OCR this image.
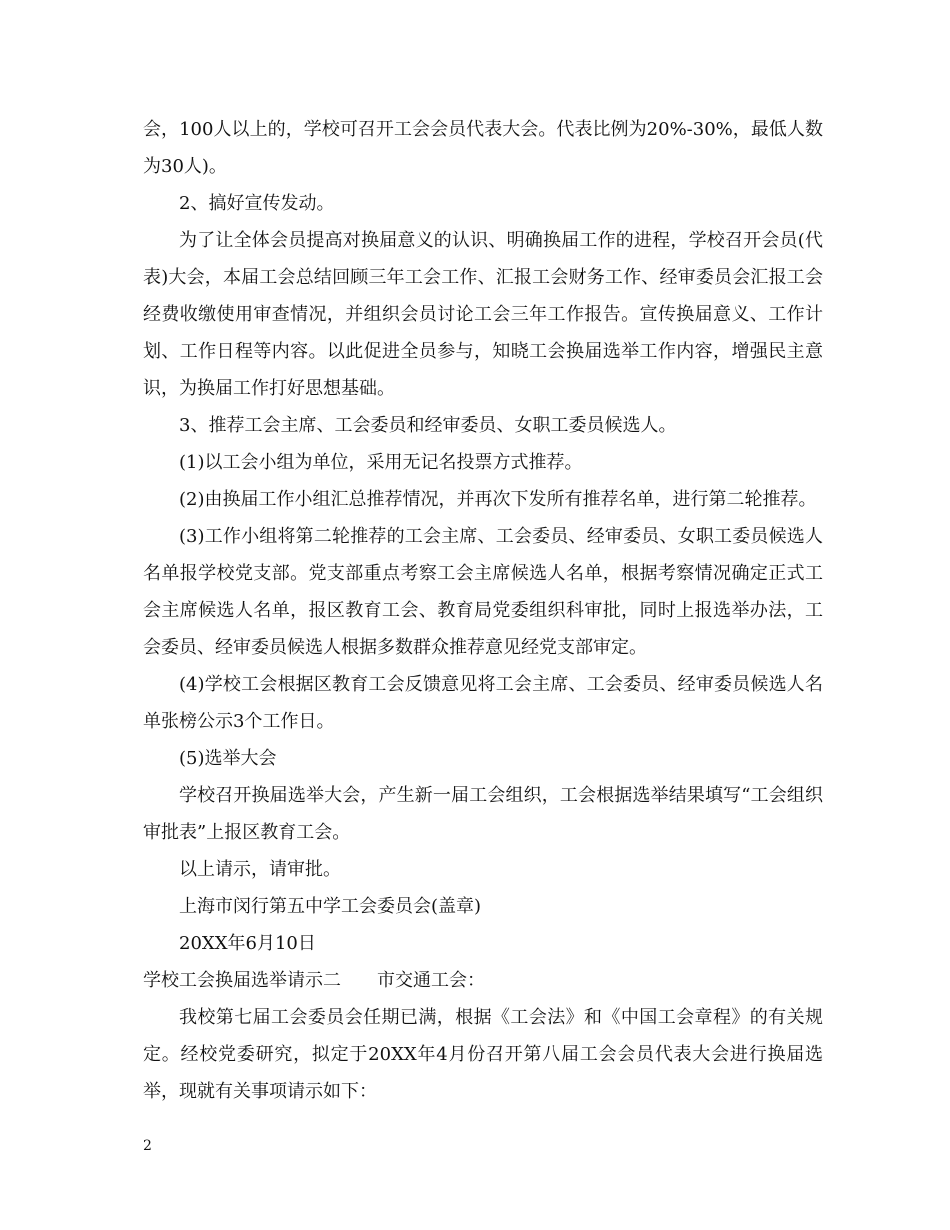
会，100人以上的，学校可召开工会会员代表大会。代表比例为20%-30%，最低人数为30人)。

2、搞好宣传发动。

为了让全体会员提高对换届意义的认识、明确换届工作的进程，学校召开会员(代表)大会，本届工会总结回顾三年工会工作、汇报工会财务工作、经审委员会汇报工会经费收缴使用审查情况，并组织会员讨论工会三年工作报告。宣传换届意义、工作计划、工作日程等内容。以此促进全员参与，知晓工会换届选举工作内容，增强民主意识，为换届工作打好思想基础。

3、推荐工会主席、工会委员和经审委员、女职工委员候选人。

(1)以工会小组为单位，采用无记名投票方式推荐。

(2)由换届工作小组汇总推荐情况，并再次下发所有推荐名单，进行第二轮推荐。

(3)工作小组将第二轮推荐的工会主席、工会委员、经审委员、女职工委员候选人名单报学校党支部。党支部重点考察工会主席候选人名单，根据考察情况确定正式工会主席候选人名单，报区教育工会、教育局党委组织科审批，同时上报选举办法，工会委员、经审委员候选人根据多数群众推荐意见经党支部审定。

(4)学校工会根据区教育工会反馈意见将工会主席、工会委员、经审委员候选人名单张榜公示3个工作日。

(5)选举大会

学校召开换届选举大会，产生新一届工会组织，工会根据选举结果填写“工会组织审批表”上报区教育工会。

以上请示，请审批。

上海市闵行第五中学工会委员会(盖章)

20XX年6月10日

学校工会换届选举请示二 市交通工会：

我校第七届工会委员会任期已满，根据《工会法》和《中国工会章程》的有关规定。经校党委研究，拟定于20XX年4月份召开第八届工会会员代表大会进行换届选举，现就有关事项请示如下：

2
